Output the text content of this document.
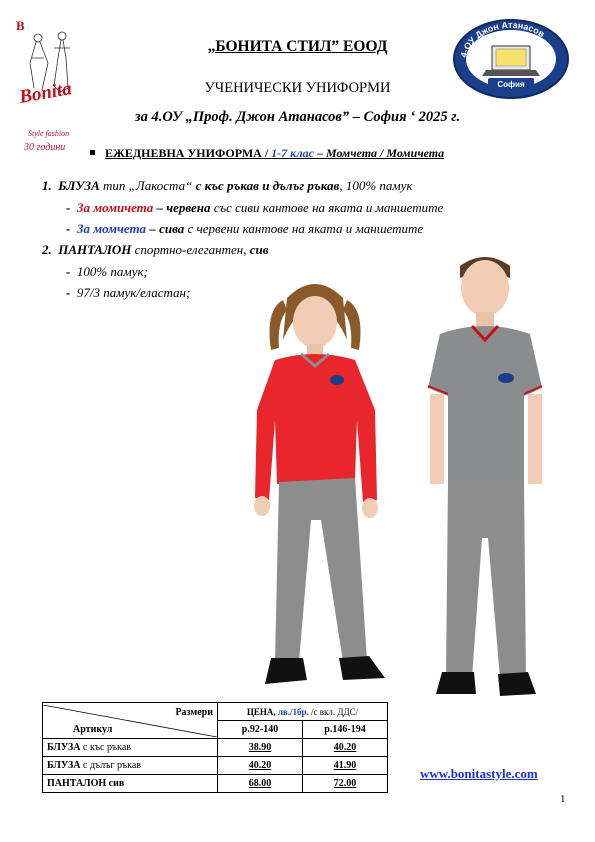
B
Bonita
Style fashion
30 години
4-ОУ Джон Атанасов
София
„БОНИТА СТИЛ” ЕООД
УЧЕНИЧЕСКИ УНИФОРМИ
за 4.ОУ „Проф. Джон Атанасов” – София ‘ 2025 г.
ЕЖЕДНЕВНА УНИФОРМА / 1-7 клас – Момчета / Момичета
1. БЛУЗА тип „Лакоста“ с къс ръкав и дълъг ръкав, 100% памук
-  За момичета – червена със сиви кантове на яката и маншетите
-  За момчета – сива с червени кантове на яката и маншетите
2. ПАНТАЛОН спортно-елегантен, сив
-  100% памук;
-  97/3 памук/еластан;
Размери
Артикул	ЦЕНА, лв./1бр. /с вкл. ДДС/	
	р.92-140	р.146-194
БЛУЗА с къс ръкав	38.90	40.20
БЛУЗА с дълъг ръкав	40.20	41.90
ПАНТАЛОН сив	68.00	72.00
www.bonitastyle.com
1
